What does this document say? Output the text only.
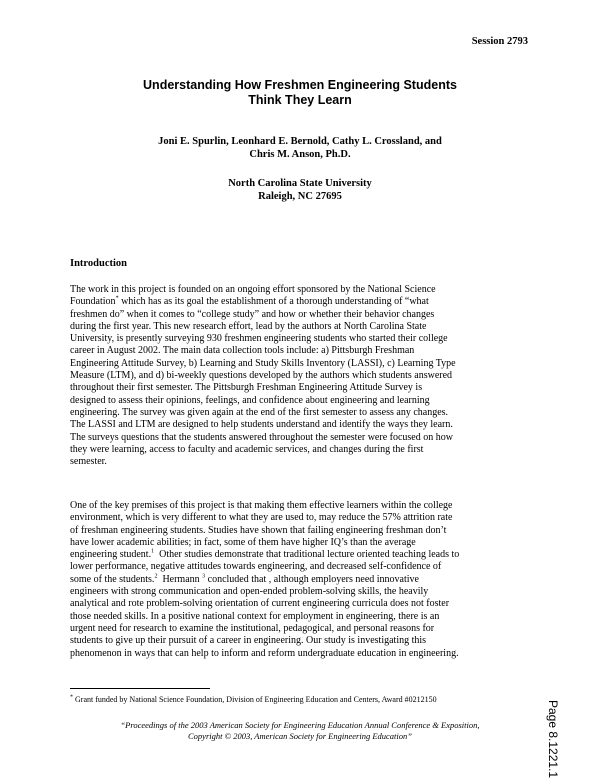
Session 2793
Understanding How Freshmen Engineering Students
Think They Learn
Joni E. Spurlin, Leonhard E. Bernold, Cathy L. Crossland, and
Chris M. Anson, Ph.D.
North Carolina State University
Raleigh, NC 27695
Introduction
The work in this project is founded on an ongoing effort sponsored by the National Science
Foundation* which has as its goal the establishment of a thorough understanding of “what
freshmen do” when it comes to “college study” and how or whether their behavior changes
during the first year. This new research effort, lead by the authors at North Carolina State
University, is presently surveying 930 freshmen engineering students who started their college
career in August 2002. The main data collection tools include: a) Pittsburgh Freshman
Engineering Attitude Survey, b) Learning and Study Skills Inventory (LASSI), c) Learning Type
Measure (LTM), and d) bi-weekly questions developed by the authors which students answered
throughout their first semester. The Pittsburgh Freshman Engineering Attitude Survey is
designed to assess their opinions, feelings, and confidence about engineering and learning
engineering. The survey was given again at the end of the first semester to assess any changes.
The LASSI and LTM are designed to help students understand and identify the ways they learn.
The surveys questions that the students answered throughout the semester were focused on how
they were learning, access to faculty and academic services, and changes during the first
semester.
One of the key premises of this project is that making them effective learners within the college
environment, which is very different to what they are used to, may reduce the 57% attrition rate
of freshman engineering students. Studies have shown that failing engineering freshman don’t
have lower academic abilities; in fact, some of them have higher IQ’s than the average
engineering student.$^1$ Other studies demonstrate that traditional lecture oriented teaching leads to
lower performance, negative attitudes towards engineering, and decreased self-confidence of
some of the students.$^2$ Hermann $^3$ concluded that , although employers need innovative
engineers with strong communication and open-ended problem-solving skills, the heavily
analytical and rote problem-solving orientation of current engineering curricula does not foster
those needed skills. In a positive national context for employment in engineering, there is an
urgent need for research to examine the institutional, pedagogical, and personal reasons for
students to give up their pursuit of a career in engineering. Our study is investigating this
phenomenon in ways that can help to inform and reform undergraduate education in engineering.
* Grant funded by National Science Foundation, Division of Engineering Education and Centers, Award #0212150
“Proceedings of the 2003 American Society for Engineering Education Annual Conference & Exposition,
Copyright © 2003, American Society for Engineering Education”	Page 8.1221.1
